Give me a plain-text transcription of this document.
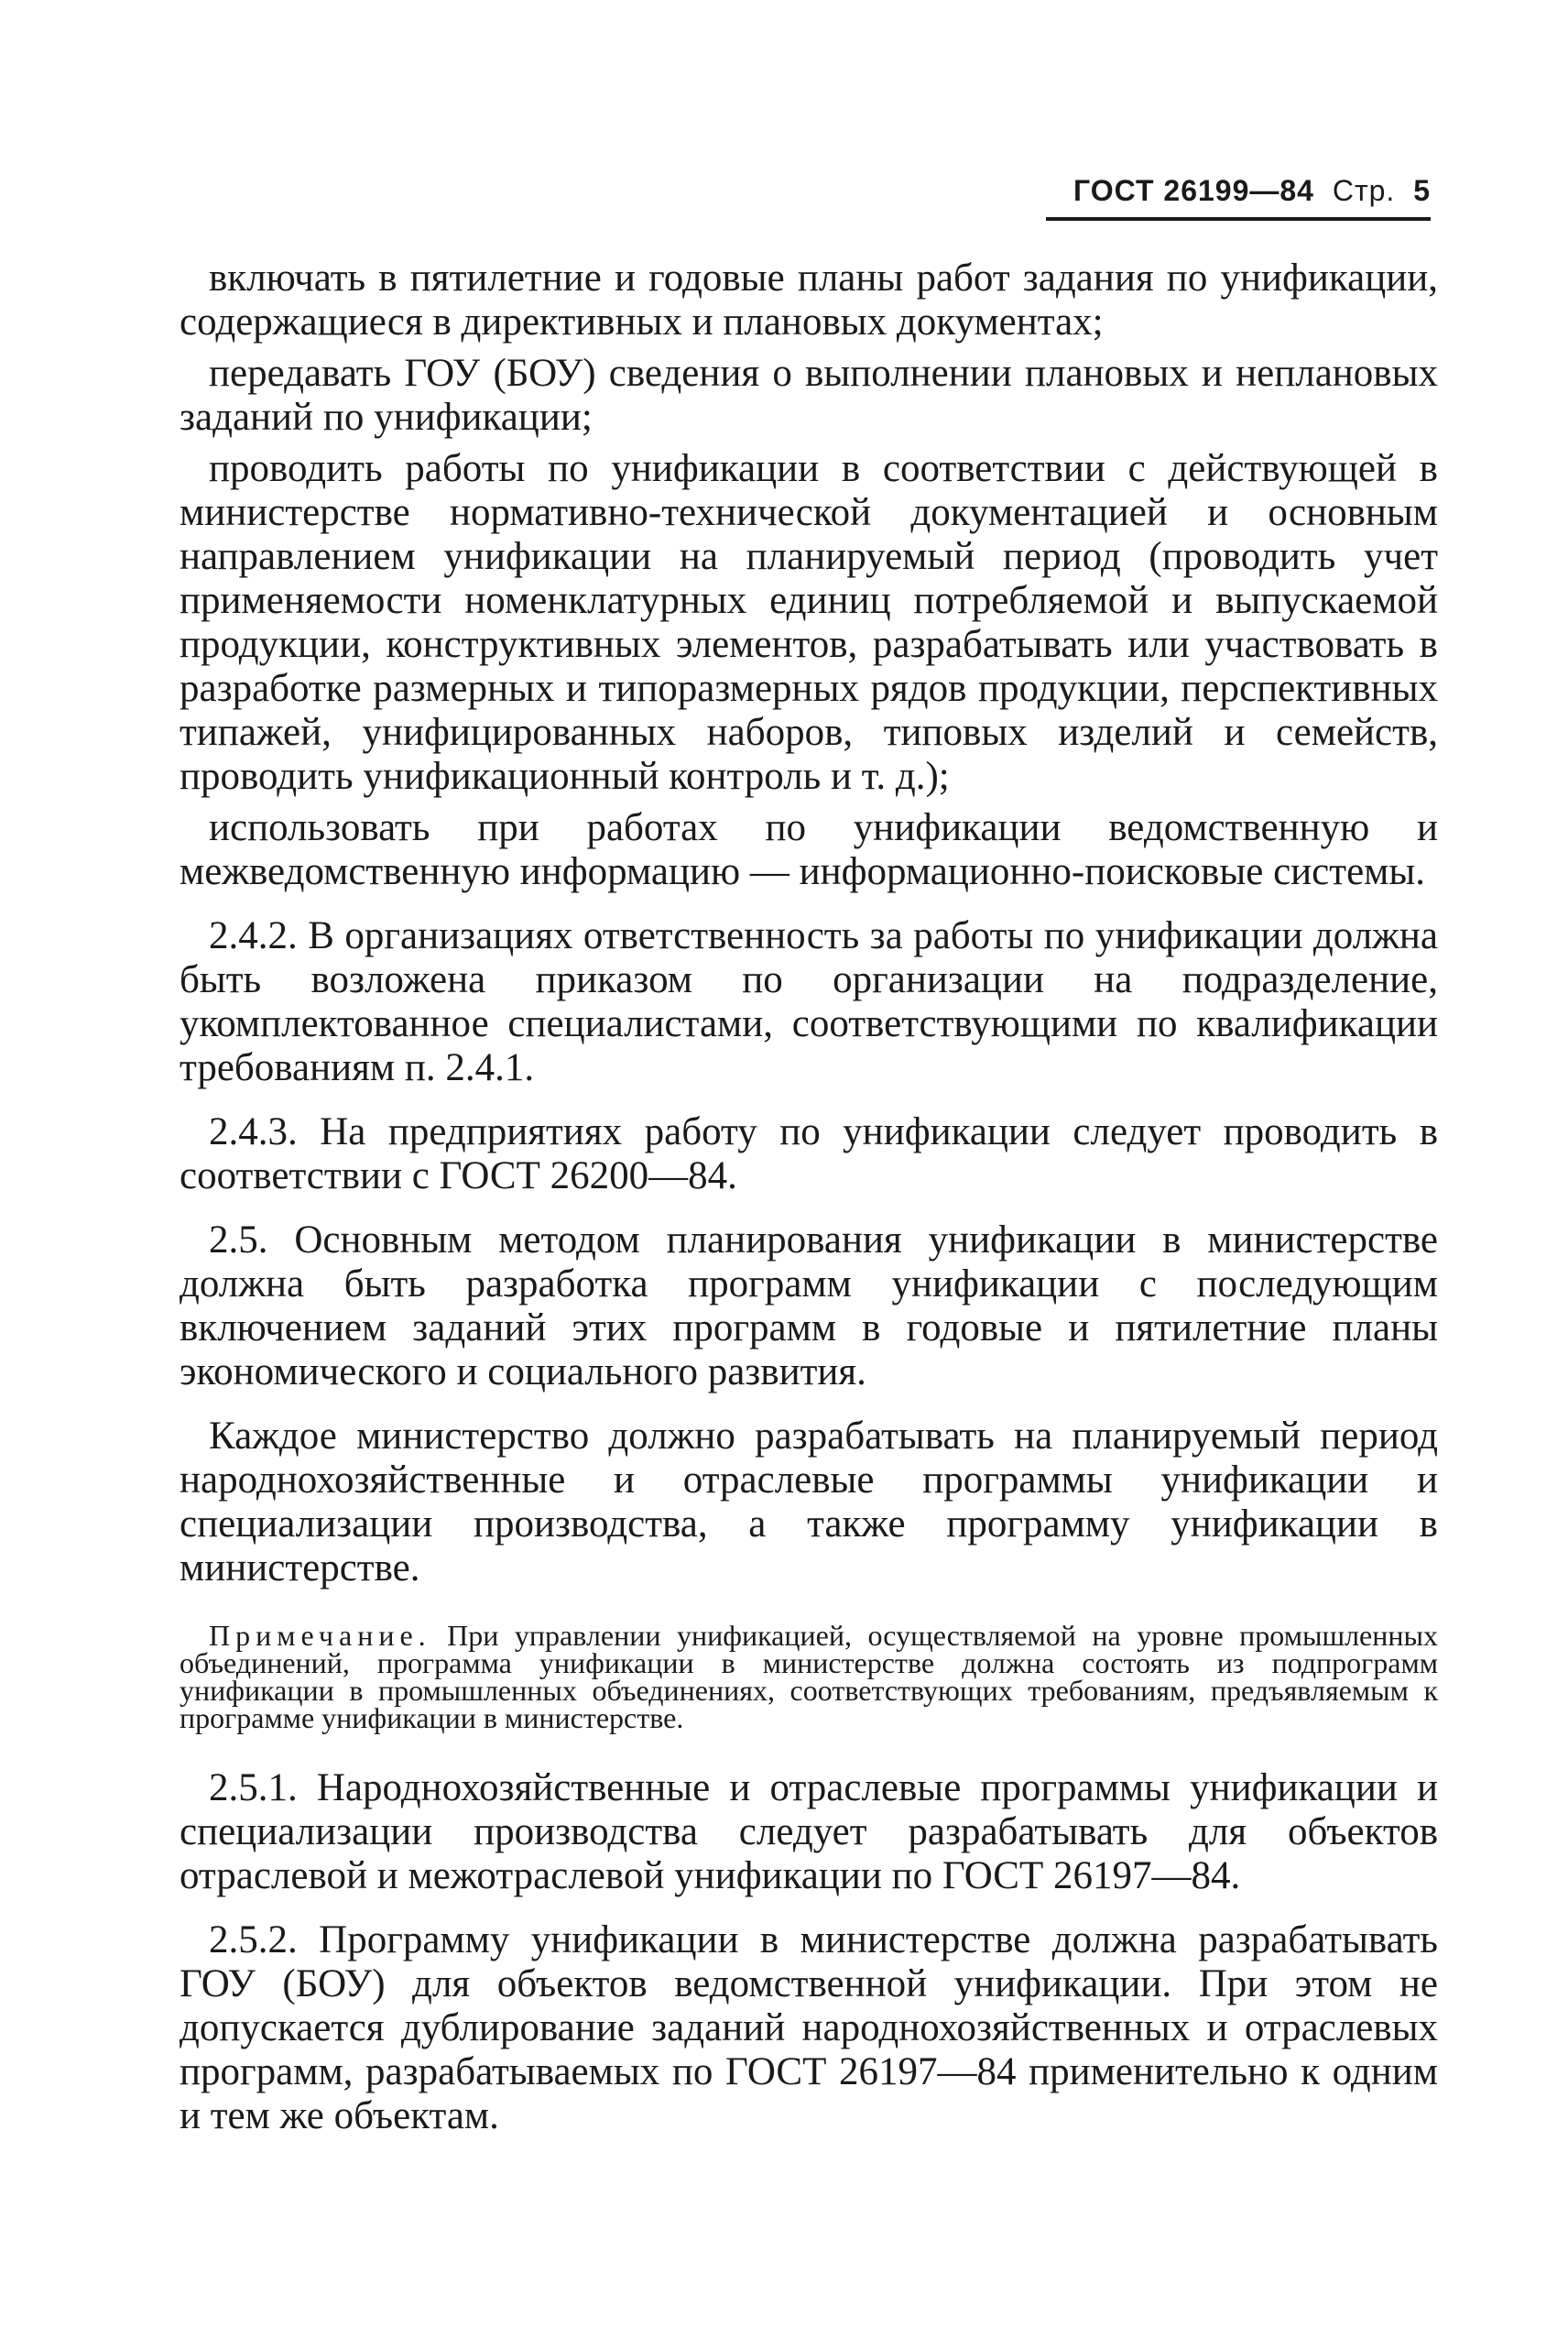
ГОСТ 26199—84 Стр. 5

включать в пятилетние и годовые планы работ задания по унификации, содержащиеся в директивных и плановых документах;

передавать ГОУ (БОУ) сведения о выполнении плановых и неплановых заданий по унификации;

проводить работы по унификации в соответствии с действующей в министерстве нормативно-технической документацией и основным направлением унификации на планируемый период (проводить учет применяемости номенклатурных единиц потребляемой и выпускаемой продукции, конструктивных элементов, разрабатывать или участвовать в разработке размерных и типоразмерных рядов продукции, перспективных типажей, унифицированных наборов, типовых изделий и семейств, проводить унификационный контроль и т. д.);

использовать при работах по унификации ведомственную и межведомственную информацию — информационно-поисковые системы.

2.4.2. В организациях ответственность за работы по унификации должна быть возложена приказом по организации на подразделение, укомплектованное специалистами, соответствующими по квалификации требованиям п. 2.4.1.

2.4.3. На предприятиях работу по унификации следует проводить в соответствии с ГОСТ 26200—84.

2.5. Основным методом планирования унификации в министерстве должна быть разработка программ унификации с последующим включением заданий этих программ в годовые и пятилетние планы экономического и социального развития.

Каждое министерство должно разрабатывать на планируемый период народнохозяйственные и отраслевые программы унификации и специализации производства, а также программу унификации в министерстве.

Примечание. При управлении унификацией, осуществляемой на уровне промышленных объединений, программа унификации в министерстве должна состоять из подпрограмм унификации в промышленных объединениях, соответствующих требованиям, предъявляемым к программе унификации в министерстве.

2.5.1. Народнохозяйственные и отраслевые программы унификации и специализации производства следует разрабатывать для объектов отраслевой и межотраслевой унификации по ГОСТ 26197—84.

2.5.2. Программу унификации в министерстве должна разрабатывать ГОУ (БОУ) для объектов ведомственной унификации. При этом не допускается дублирование заданий народнохозяйственных и отраслевых программ, разрабатываемых по ГОСТ 26197—84 применительно к одним и тем же объектам.
